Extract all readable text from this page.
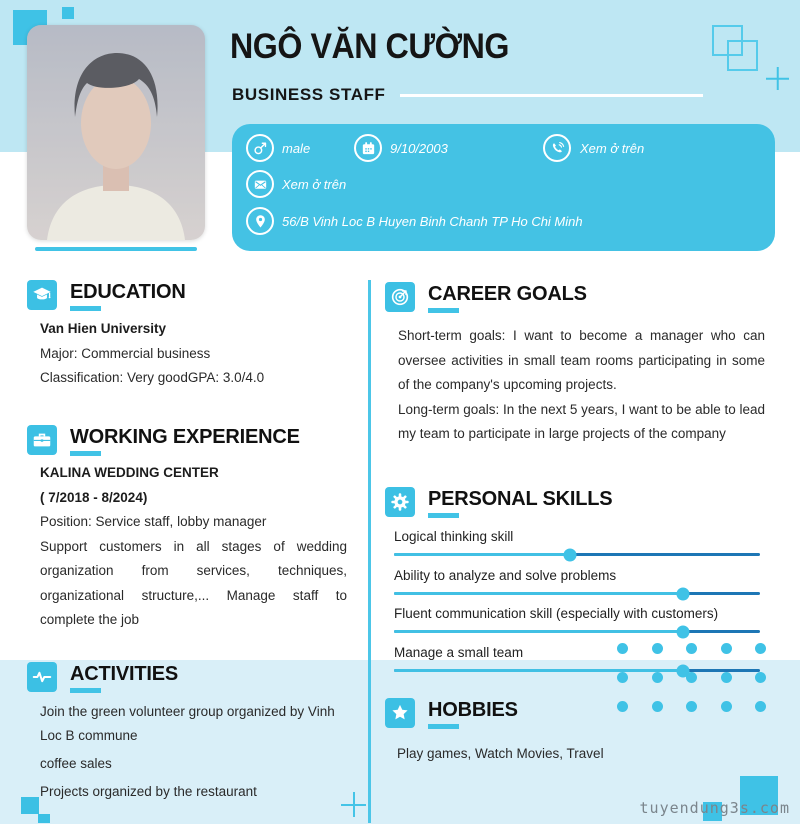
NGÔ VĂN CƯỜNG
BUSINESS STAFF
male	9/10/2003	Xem ở trên
Xem ở trên
56/B Vinh Loc B Huyen Binh Chanh TP Ho Chi Minh
EDUCATION
Van Hien University
Major: Commercial business
Classification: Very goodGPA: 3.0/4.0
WORKING EXPERIENCE
KALINA WEDDING CENTER
( 7/2018 - 8/2024)
Position: Service staff, lobby manager
Support customers in all stages of wedding organization from services, techniques, organizational structure,... Manage staff to complete the job
ACTIVITIES
Join the green volunteer group organized by Vinh Loc B commune
coffee sales
Projects organized by the restaurant
CAREER GOALS

Short-term goals: I want to become a manager who can oversee activities in small team rooms participating in some of the company's upcoming projects.

Long-term goals: In the next 5 years, I want to be able to lead my team to participate in large projects of the company

PERSONAL SKILLS
Logical thinking skill
Ability to analyze and solve problems
Fluent communication skill (especially with customers)
Manage a small team
HOBBIES
Play games, Watch Movies, Travel
tuyendung3s.com
